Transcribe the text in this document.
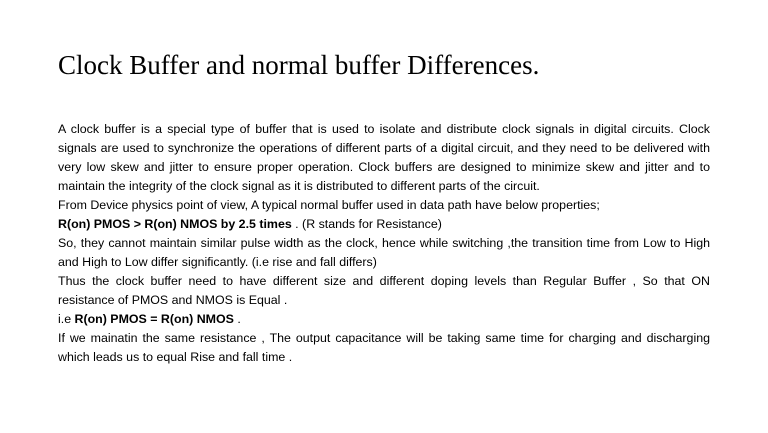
Clock Buffer and normal buffer Differences.

A clock buffer is a special type of buffer that is used to isolate and distribute clock signals in digital circuits. Clock signals are used to synchronize the operations of different parts of a digital circuit, and they need to be delivered with very low skew and jitter to ensure proper operation. Clock buffers are designed to minimize skew and jitter and to maintain the integrity of the clock signal as it is distributed to different parts of the circuit.

From Device physics point of view, A typical normal buffer used in data path have below properties;

R(on) PMOS > R(on) NMOS by 2.5 times . (R stands for Resistance)

So, they cannot maintain similar pulse width as the clock, hence while switching ,the transition time from Low to High and High to Low differ significantly. (i.e rise and fall differs)

Thus the clock buffer need to have different size and different doping levels than Regular Buffer , So that ON resistance of PMOS and NMOS is Equal .

i.e R(on) PMOS = R(on) NMOS .

If we mainatin the same resistance , The output capacitance will be taking same time for charging and discharging which leads us to equal Rise and fall time .
